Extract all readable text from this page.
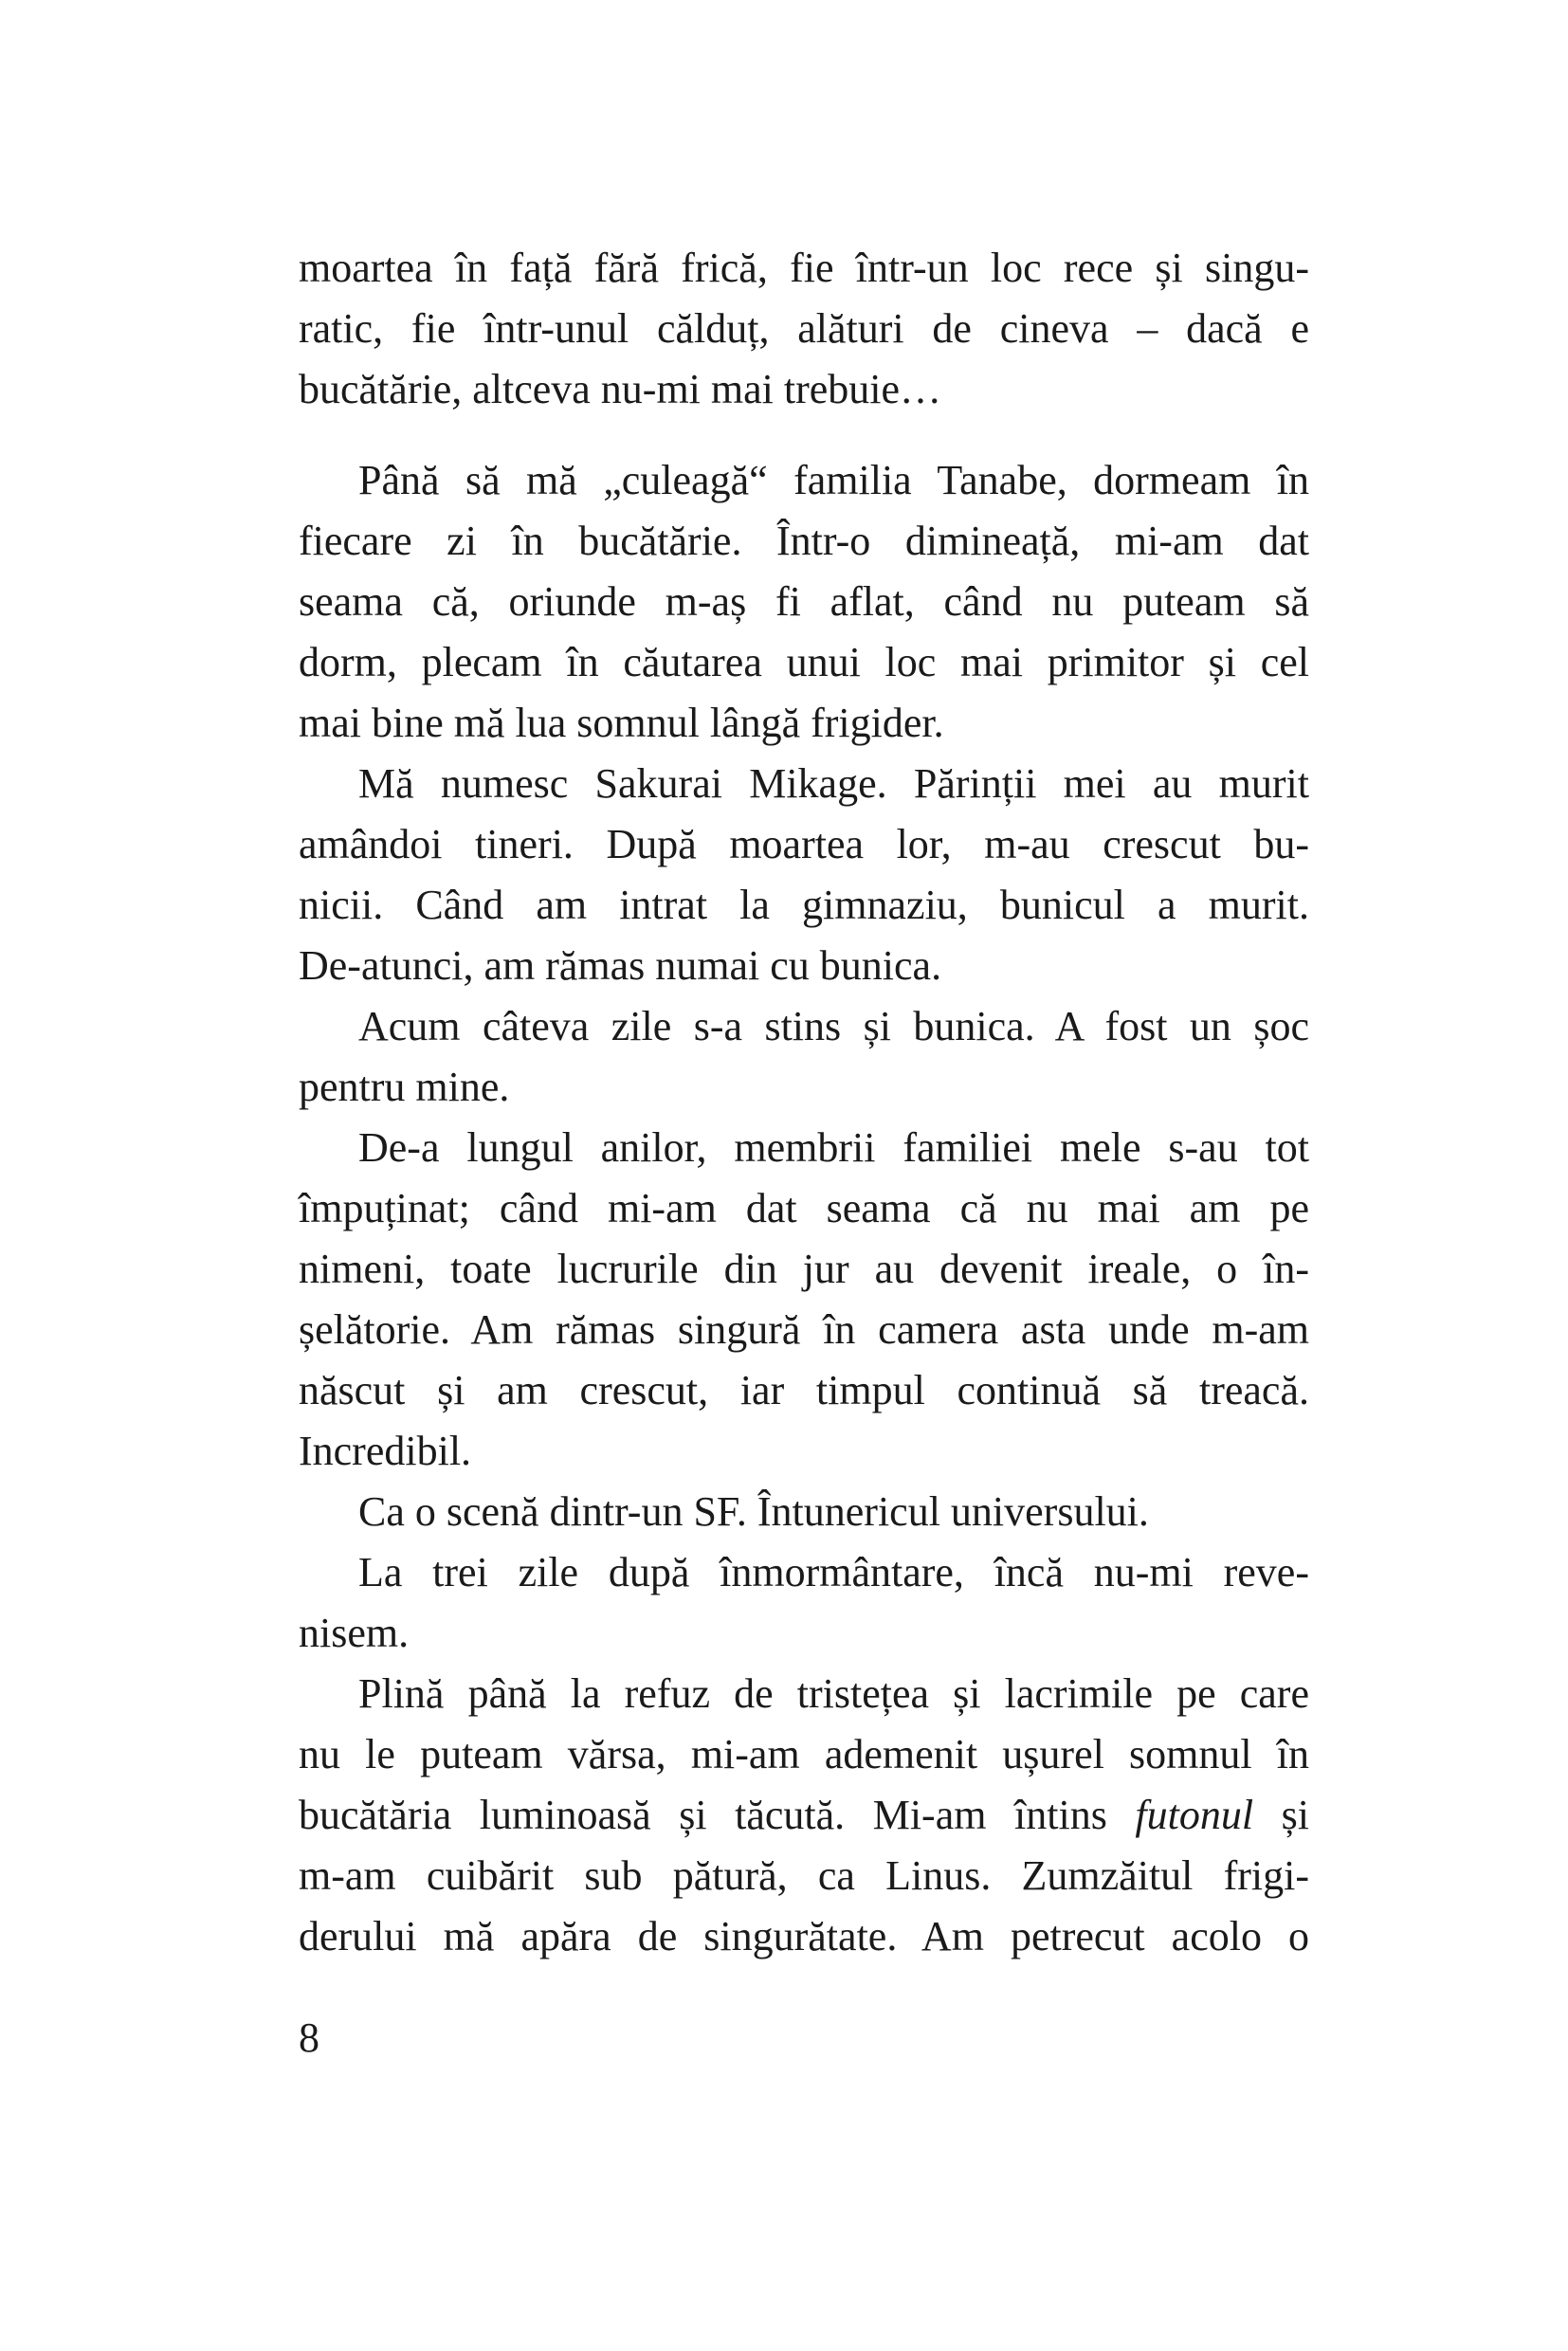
moartea în față fără frică, fie într-un loc rece și singu-
ratic, fie într-unul călduț, alături de cineva – dacă e
bucătărie, altceva nu-mi mai trebuie…
Până să mă „culeagă“ familia Tanabe, dormeam în
fiecare zi în bucătărie. Într-o dimineață, mi-am dat
seama că, oriunde m-aș fi aflat, când nu puteam să
dorm, plecam în căutarea unui loc mai primitor și cel
mai bine mă lua somnul lângă frigider.
Mă numesc Sakurai Mikage. Părinții mei au murit
amândoi tineri. După moartea lor, m-au crescut bu-
nicii. Când am intrat la gimnaziu, bunicul a murit.
De-atunci, am rămas numai cu bunica.
Acum câteva zile s-a stins și bunica. A fost un șoc
pentru mine.
De-a lungul anilor, membrii familiei mele s-au tot
împuținat; când mi-am dat seama că nu mai am pe
nimeni, toate lucrurile din jur au devenit ireale, o în-
șelătorie. Am rămas singură în camera asta unde m-am
născut și am crescut, iar timpul continuă să treacă.
Incredibil.
Ca o scenă dintr-un SF. Întunericul universului.
La trei zile după înmormântare, încă nu-mi reve-
nisem.
Plină până la refuz de tristețea și lacrimile pe care
nu le puteam vărsa, mi-am ademenit ușurel somnul în
bucătăria luminoasă și tăcută. Mi-am întins futonul și
m-am cuibărit sub pătură, ca Linus. Zumzăitul frigi-
derului mă apăra de singurătate. Am petrecut acolo o
8
